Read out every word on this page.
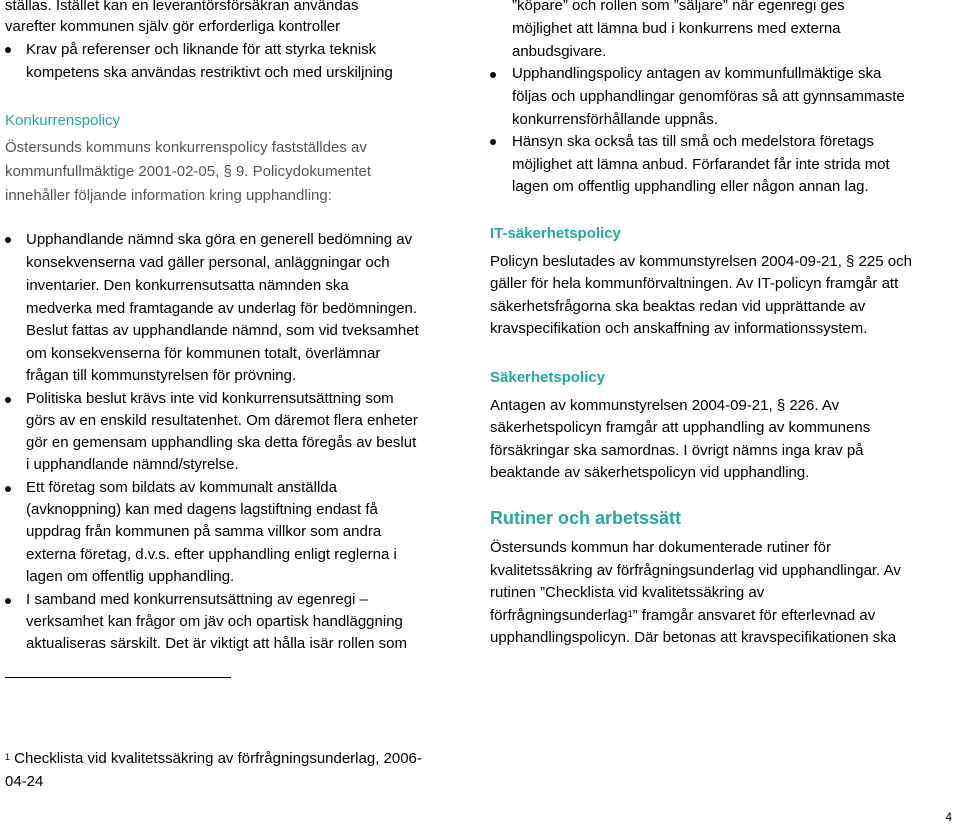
ställas. Istället kan en leverantörsförsäkran användas
varefter kommunen själv gör erforderliga kontroller
Krav på referenser och liknande för att styrka teknisk
kompetens ska användas restriktivt och med urskiljning
Konkurrenspolicy
Östersunds kommuns konkurrenspolicy fastställdes av
kommunfullmäktige 2001-02-05, § 9. Policydokumentet
innehåller följande information kring upphandling:
Upphandlande nämnd ska göra en generell bedömning av
konsekvenserna vad gäller personal, anläggningar och
inventarier. Den konkurrensutsatta nämnden ska
medverka med framtagande av underlag för bedömningen.
Beslut fattas av upphandlande nämnd, som vid tveksamhet
om konsekvenserna för kommunen totalt, överlämnar
frågan till kommunstyrelsen för prövning.
Politiska beslut krävs inte vid konkurrensutsättning som
görs av en enskild resultatenhet. Om däremot flera enheter
gör en gemensam upphandling ska detta föregås av beslut
i upphandlande nämnd/styrelse.
Ett företag som bildats av kommunalt anställda
(avknoppning) kan med dagens lagstiftning endast få
uppdrag från kommunen på samma villkor som andra
externa företag, d.v.s. efter upphandling enligt reglerna i
lagen om offentlig upphandling.
I samband med konkurrensutsättning av egenregi –
verksamhet kan frågor om jäv och opartisk handläggning
aktualiseras särskilt. Det är viktigt att hålla isär rollen som
”köpare” och rollen som ”säljare” när egenregi ges
möjlighet att lämna bud i konkurrens med externa
anbudsgivare.
Upphandlingspolicy antagen av kommunfullmäktige ska
följas och upphandlingar genomföras så att gynnsammaste
konkurrensförhållande uppnås.
Hänsyn ska också tas till små och medelstora företags
möjlighet att lämna anbud. Förfarandet får inte strida mot
lagen om offentlig upphandling eller någon annan lag.
IT-säkerhetspolicy
Policyn beslutades av kommunstyrelsen 2004-09-21, § 225 och
gäller för hela kommunförvaltningen. Av IT-policyn framgår att
säkerhetsfrågorna ska beaktas redan vid upprättande av
kravspecifikation och anskaffning av informationssystem.
Säkerhetspolicy
Antagen av kommunstyrelsen 2004-09-21, § 226. Av
säkerhetspolicyn framgår att upphandling av kommunens
försäkringar ska samordnas. I övrigt nämns inga krav på
beaktande av säkerhetspolicyn vid upphandling.
Rutiner och arbetssätt
Östersunds kommun har dokumenterade rutiner för
kvalitetssäkring av förfrågningsunderlag vid upphandlingar. Av
rutinen ”Checklista vid kvalitetssäkring av
förfrågningsunderlag$^1$” framgår ansvaret för efterlevnad av
upphandlingspolicyn. Där betonas att kravspecifikationen ska
$^1$ Checklista vid kvalitetssäkring av förfrågningsunderlag, 2006-
04-24
4
